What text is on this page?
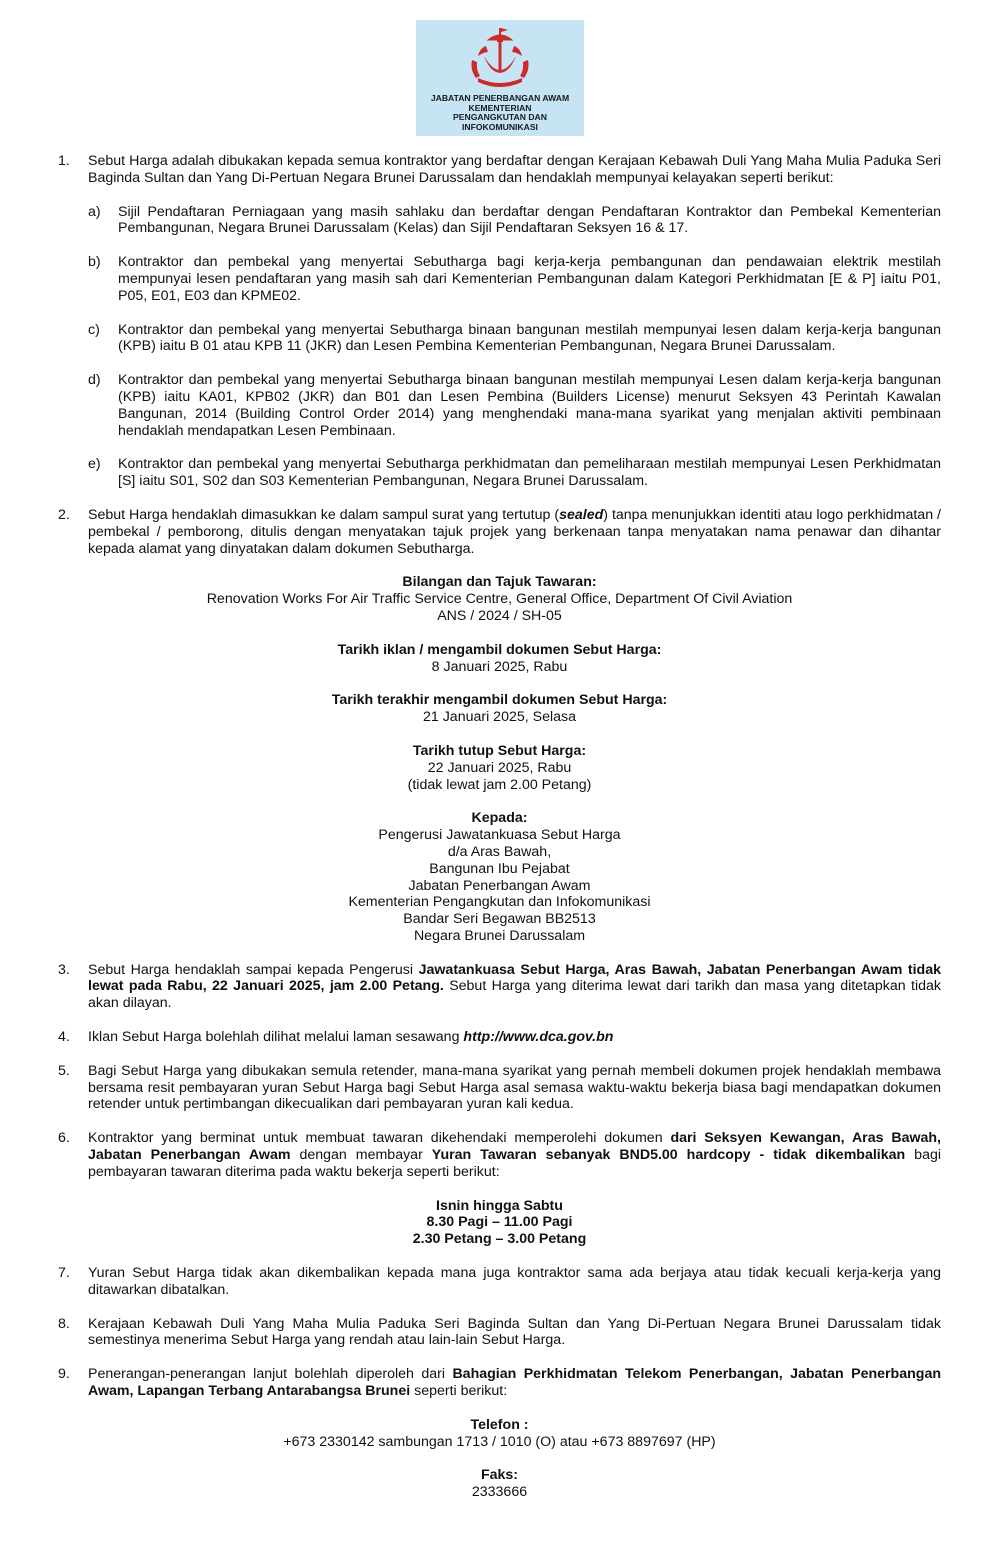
JABATAN PENERBANGAN AWAM
KEMENTERIAN
PENGANGKUTAN DAN
INFOKOMUNIKASI
1. Sebut Harga adalah dibukakan kepada semua kontraktor yang berdaftar dengan Kerajaan Kebawah Duli Yang Maha Mulia Paduka Seri Baginda Sultan dan Yang Di-Pertuan Negara Brunei Darussalam dan hendaklah mempunyai kelayakan seperti berikut:
a) Sijil Pendaftaran Perniagaan yang masih sahlaku dan berdaftar dengan Pendaftaran Kontraktor dan Pembekal Kementerian Pembangunan, Negara Brunei Darussalam (Kelas) dan Sijil Pendaftaran Seksyen 16 & 17.
b) Kontraktor dan pembekal yang menyertai Sebutharga bagi kerja-kerja pembangunan dan pendawaian elektrik mestilah mempunyai lesen pendaftaran yang masih sah dari Kementerian Pembangunan dalam Kategori Perkhidmatan [E & P] iaitu P01, P05, E01, E03 dan KPME02.
c) Kontraktor dan pembekal yang menyertai Sebutharga binaan bangunan mestilah mempunyai lesen dalam kerja-kerja bangunan (KPB) iaitu B 01 atau KPB 11 (JKR) dan Lesen Pembina Kementerian Pembangunan, Negara Brunei Darussalam.
d) Kontraktor dan pembekal yang menyertai Sebutharga binaan bangunan mestilah mempunyai Lesen dalam kerja-kerja bangunan (KPB) iaitu KA01, KPB02 (JKR) dan B01 dan Lesen Pembina (Builders License) menurut Seksyen 43 Perintah Kawalan Bangunan, 2014 (Building Control Order 2014) yang menghendaki mana-mana syarikat yang menjalan aktiviti pembinaan hendaklah mendapatkan Lesen Pembinaan.
e) Kontraktor dan pembekal yang menyertai Sebutharga perkhidmatan dan pemeliharaan mestilah mempunyai Lesen Perkhidmatan [S] iaitu S01, S02 dan S03 Kementerian Pembangunan, Negara Brunei Darussalam.
2. Sebut Harga hendaklah dimasukkan ke dalam sampul surat yang tertutup (sealed) tanpa menunjukkan identiti atau logo perkhidmatan / pembekal / pemborong, ditulis dengan menyatakan tajuk projek yang berkenaan tanpa menyatakan nama penawar dan dihantar kepada alamat yang dinyatakan dalam dokumen Sebutharga.
Bilangan dan Tajuk Tawaran:
Renovation Works For Air Traffic Service Centre, General Office, Department Of Civil Aviation
ANS / 2024 / SH-05
Tarikh iklan / mengambil dokumen Sebut Harga:
8 Januari 2025, Rabu
Tarikh terakhir mengambil dokumen Sebut Harga:
21 Januari 2025, Selasa
Tarikh tutup Sebut Harga:
22 Januari 2025, Rabu
(tidak lewat jam 2.00 Petang)
Kepada:
Pengerusi Jawatankuasa Sebut Harga
d/a Aras Bawah,
Bangunan Ibu Pejabat
Jabatan Penerbangan Awam
Kementerian Pengangkutan dan Infokomunikasi
Bandar Seri Begawan BB2513
Negara Brunei Darussalam
3. Sebut Harga hendaklah sampai kepada Pengerusi Jawatankuasa Sebut Harga, Aras Bawah, Jabatan Penerbangan Awam tidak lewat pada Rabu, 22 Januari 2025, jam 2.00 Petang. Sebut Harga yang diterima lewat dari tarikh dan masa yang ditetapkan tidak akan dilayan.
4. Iklan Sebut Harga bolehlah dilihat melalui laman sesawang http://www.dca.gov.bn
5. Bagi Sebut Harga yang dibukakan semula retender, mana-mana syarikat yang pernah membeli dokumen projek hendaklah membawa bersama resit pembayaran yuran Sebut Harga bagi Sebut Harga asal semasa waktu-waktu bekerja biasa bagi mendapatkan dokumen retender untuk pertimbangan dikecualikan dari pembayaran yuran kali kedua.
6. Kontraktor yang berminat untuk membuat tawaran dikehendaki memperolehi dokumen dari Seksyen Kewangan, Aras Bawah, Jabatan Penerbangan Awam dengan membayar Yuran Tawaran sebanyak BND5.00 hardcopy - tidak dikembalikan bagi pembayaran tawaran diterima pada waktu bekerja seperti berikut:
Isnin hingga Sabtu
8.30 Pagi – 11.00 Pagi
2.30 Petang – 3.00 Petang
7. Yuran Sebut Harga tidak akan dikembalikan kepada mana juga kontraktor sama ada berjaya atau tidak kecuali kerja-kerja yang ditawarkan dibatalkan.
8. Kerajaan Kebawah Duli Yang Maha Mulia Paduka Seri Baginda Sultan dan Yang Di-Pertuan Negara Brunei Darussalam tidak semestinya menerima Sebut Harga yang rendah atau lain-lain Sebut Harga.
9. Penerangan-penerangan lanjut bolehlah diperoleh dari Bahagian Perkhidmatan Telekom Penerbangan, Jabatan Penerbangan Awam, Lapangan Terbang Antarabangsa Brunei seperti berikut:
Telefon :
+673 2330142 sambungan 1713 / 1010 (O) atau +673 8897697 (HP)
Faks:
2333666
